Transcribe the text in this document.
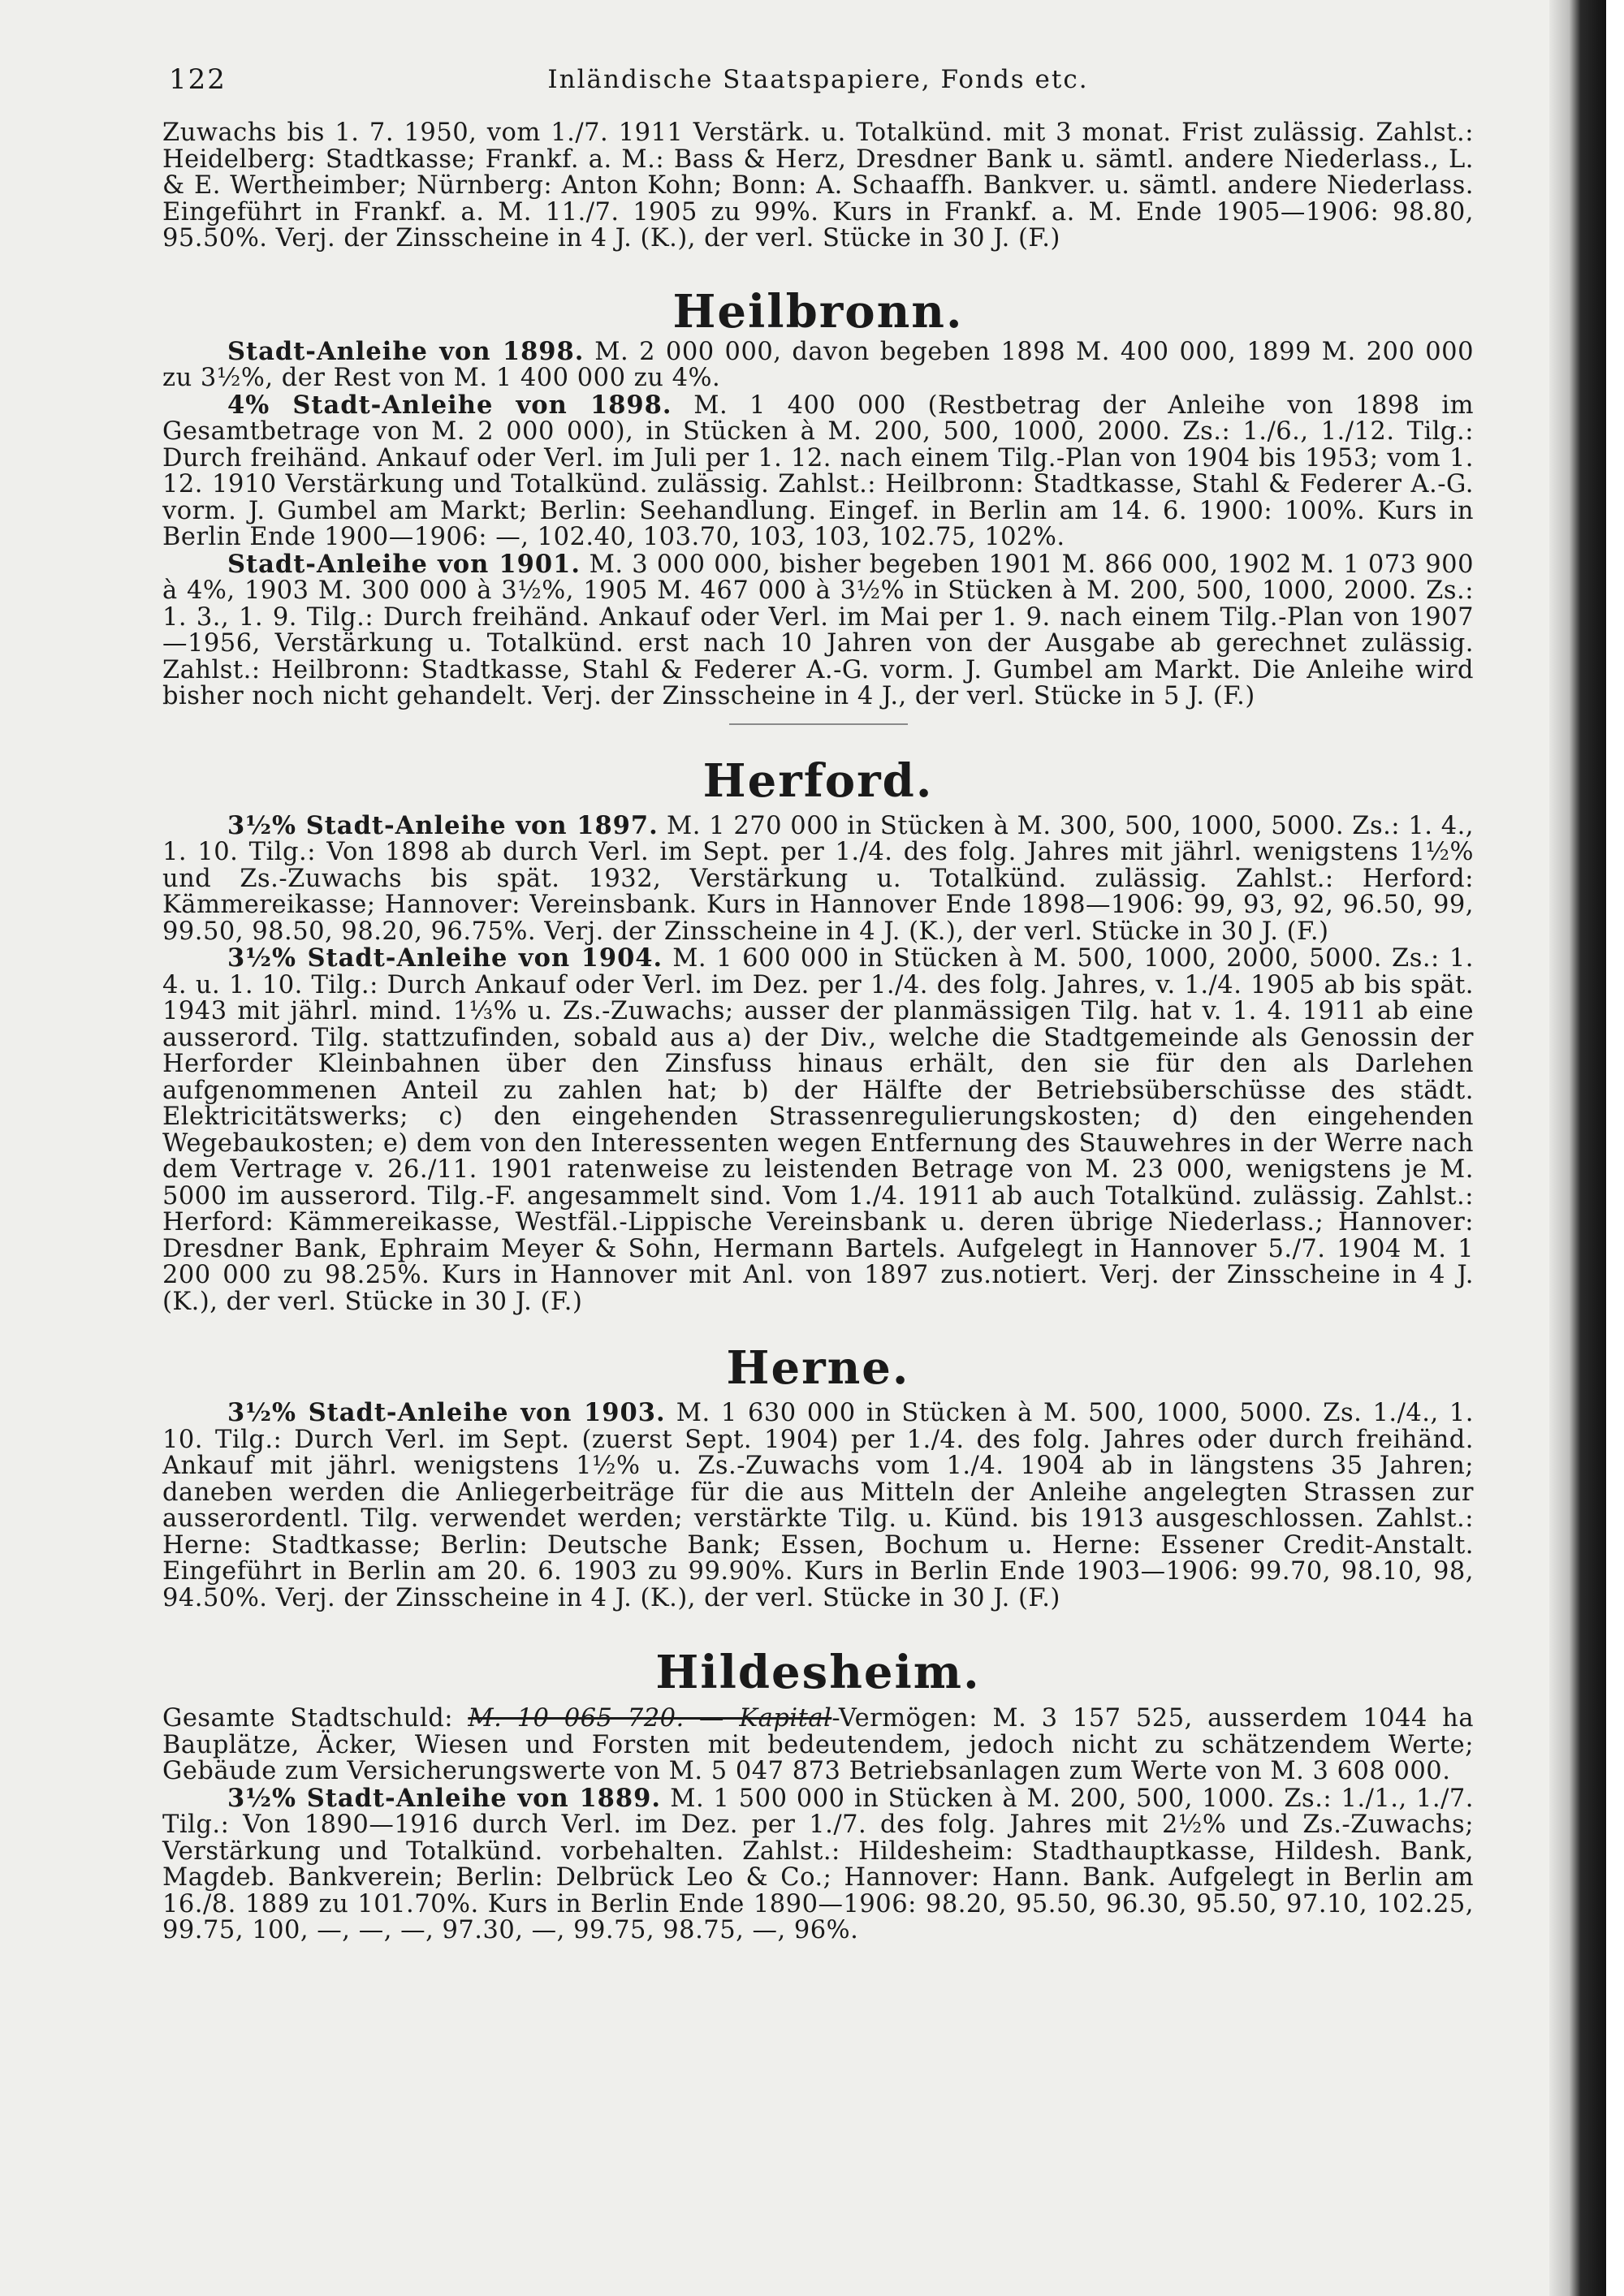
122	Inländische Staatspapiere, Fonds etc.

Zuwachs bis 1. 7. 1950, vom 1./7. 1911 Verstärk. u. Totalkünd. mit 3 monat. Frist zulässig. Zahlst.: Heidelberg: Stadtkasse; Frankf. a. M.: Bass & Herz, Dresdner Bank u. sämtl. andere Niederlass., L. & E. Wertheimber; Nürnberg: Anton Kohn; Bonn: A. Schaaffh. Bankver. u. sämtl. andere Niederlass. Eingeführt in Frankf. a. M. 11./7. 1905 zu 99%. Kurs in Frankf. a. M. Ende 1905—1906: 98.80, 95.50%. Verj. der Zinsscheine in 4 J. (K.), der verl. Stücke in 30 J. (F.)

Heilbronn.

Stadt-Anleihe von 1898. M. 2 000 000, davon begeben 1898 M. 400 000, 1899 M. 200 000 zu 3½%, der Rest von M. 1 400 000 zu 4%.

4% Stadt-Anleihe von 1898. M. 1 400 000 (Restbetrag der Anleihe von 1898 im Gesamtbetrage von M. 2 000 000), in Stücken à M. 200, 500, 1000, 2000. Zs.: 1./6., 1./12. Tilg.: Durch freihänd. Ankauf oder Verl. im Juli per 1. 12. nach einem Tilg.-Plan von 1904 bis 1953; vom 1. 12. 1910 Verstärkung und Totalkünd. zulässig. Zahlst.: Heilbronn: Stadtkasse, Stahl & Federer A.-G. vorm. J. Gumbel am Markt; Berlin: Seehandlung. Eingef. in Berlin am 14. 6. 1900: 100%. Kurs in Berlin Ende 1900—1906: —, 102.40, 103.70, 103, 103, 102.75, 102%.

Stadt-Anleihe von 1901. M. 3 000 000, bisher begeben 1901 M. 866 000, 1902 M. 1 073 900 à 4%, 1903 M. 300 000 à 3½%, 1905 M. 467 000 à 3½% in Stücken à M. 200, 500, 1000, 2000. Zs.: 1. 3., 1. 9. Tilg.: Durch freihänd. Ankauf oder Verl. im Mai per 1. 9. nach einem Tilg.-Plan von 1907—1956, Verstärkung u. Totalkünd. erst nach 10 Jahren von der Ausgabe ab gerechnet zulässig. Zahlst.: Heilbronn: Stadtkasse, Stahl & Federer A.-G. vorm. J. Gumbel am Markt. Die Anleihe wird bisher noch nicht gehandelt. Verj. der Zinsscheine in 4 J., der verl. Stücke in 5 J. (F.)

Herford.

3½% Stadt-Anleihe von 1897. M. 1 270 000 in Stücken à M. 300, 500, 1000, 5000. Zs.: 1. 4., 1. 10. Tilg.: Von 1898 ab durch Verl. im Sept. per 1./4. des folg. Jahres mit jährl. wenigstens 1½% und Zs.-Zuwachs bis spät. 1932, Verstärkung u. Totalkünd. zulässig. Zahlst.: Herford: Kämmereikasse; Hannover: Vereinsbank. Kurs in Hannover Ende 1898—1906: 99, 93, 92, 96.50, 99, 99.50, 98.50, 98.20, 96.75%. Verj. der Zinsscheine in 4 J. (K.), der verl. Stücke in 30 J. (F.)

3½% Stadt-Anleihe von 1904. M. 1 600 000 in Stücken à M. 500, 1000, 2000, 5000. Zs.: 1. 4. u. 1. 10. Tilg.: Durch Ankauf oder Verl. im Dez. per 1./4. des folg. Jahres, v. 1./4. 1905 ab bis spät. 1943 mit jährl. mind. 1⅓% u. Zs.-Zuwachs; ausser der planmässigen Tilg. hat v. 1. 4. 1911 ab eine ausserord. Tilg. stattzufinden, sobald aus a) der Div., welche die Stadtgemeinde als Genossin der Herforder Kleinbahnen über den Zinsfuss hinaus erhält, den sie für den als Darlehen aufgenommenen Anteil zu zahlen hat; b) der Hälfte der Betriebsüberschüsse des städt. Elektricitätswerks; c) den eingehenden Strassenregulierungskosten; d) den eingehenden Wegebaukosten; e) dem von den Interessenten wegen Entfernung des Stauwehres in der Werre nach dem Vertrage v. 26./11. 1901 ratenweise zu leistenden Betrage von M. 23 000, wenigstens je M. 5000 im ausserord. Tilg.-F. angesammelt sind. Vom 1./4. 1911 ab auch Totalkünd. zulässig. Zahlst.: Herford: Kämmereikasse, Westfäl.-Lippische Vereinsbank u. deren übrige Niederlass.; Hannover: Dresdner Bank, Ephraim Meyer & Sohn, Hermann Bartels. Aufgelegt in Hannover 5./7. 1904 M. 1 200 000 zu 98.25%. Kurs in Hannover mit Anl. von 1897 zus.notiert. Verj. der Zinsscheine in 4 J. (K.), der verl. Stücke in 30 J. (F.)

Herne.

3½% Stadt-Anleihe von 1903. M. 1 630 000 in Stücken à M. 500, 1000, 5000. Zs. 1./4., 1. 10. Tilg.: Durch Verl. im Sept. (zuerst Sept. 1904) per 1./4. des folg. Jahres oder durch freihänd. Ankauf mit jährl. wenigstens 1½% u. Zs.-Zuwachs vom 1./4. 1904 ab in längstens 35 Jahren; daneben werden die Anliegerbeiträge für die aus Mitteln der Anleihe angelegten Strassen zur ausserordentl. Tilg. verwendet werden; verstärkte Tilg. u. Künd. bis 1913 ausgeschlossen. Zahlst.: Herne: Stadtkasse; Berlin: Deutsche Bank; Essen, Bochum u. Herne: Essener Credit-Anstalt. Eingeführt in Berlin am 20. 6. 1903 zu 99.90%. Kurs in Berlin Ende 1903—1906: 99.70, 98.10, 98, 94.50%. Verj. der Zinsscheine in 4 J. (K.), der verl. Stücke in 30 J. (F.)

Hildesheim.

Gesamte Stadtschuld: M. 10 065 720. — Kapital-Vermögen: M. 3 157 525, ausserdem 1044 ha Bauplätze, Äcker, Wiesen und Forsten mit bedeutendem, jedoch nicht zu schätzendem Werte; Gebäude zum Versicherungswerte von M. 5 047 873 Betriebsanlagen zum Werte von M. 3 608 000.

3½% Stadt-Anleihe von 1889. M. 1 500 000 in Stücken à M. 200, 500, 1000. Zs.: 1./1., 1./7. Tilg.: Von 1890—1916 durch Verl. im Dez. per 1./7. des folg. Jahres mit 2½% und Zs.-Zuwachs; Verstärkung und Totalkünd. vorbehalten. Zahlst.: Hildesheim: Stadthauptkasse, Hildesh. Bank, Magdeb. Bankverein; Berlin: Delbrück Leo & Co.; Hannover: Hann. Bank. Aufgelegt in Berlin am 16./8. 1889 zu 101.70%. Kurs in Berlin Ende 1890—1906: 98.20, 95.50, 96.30, 95.50, 97.10, 102.25, 99.75, 100, —, —, —, 97.30, —, 99.75, 98.75, —, 96%.
